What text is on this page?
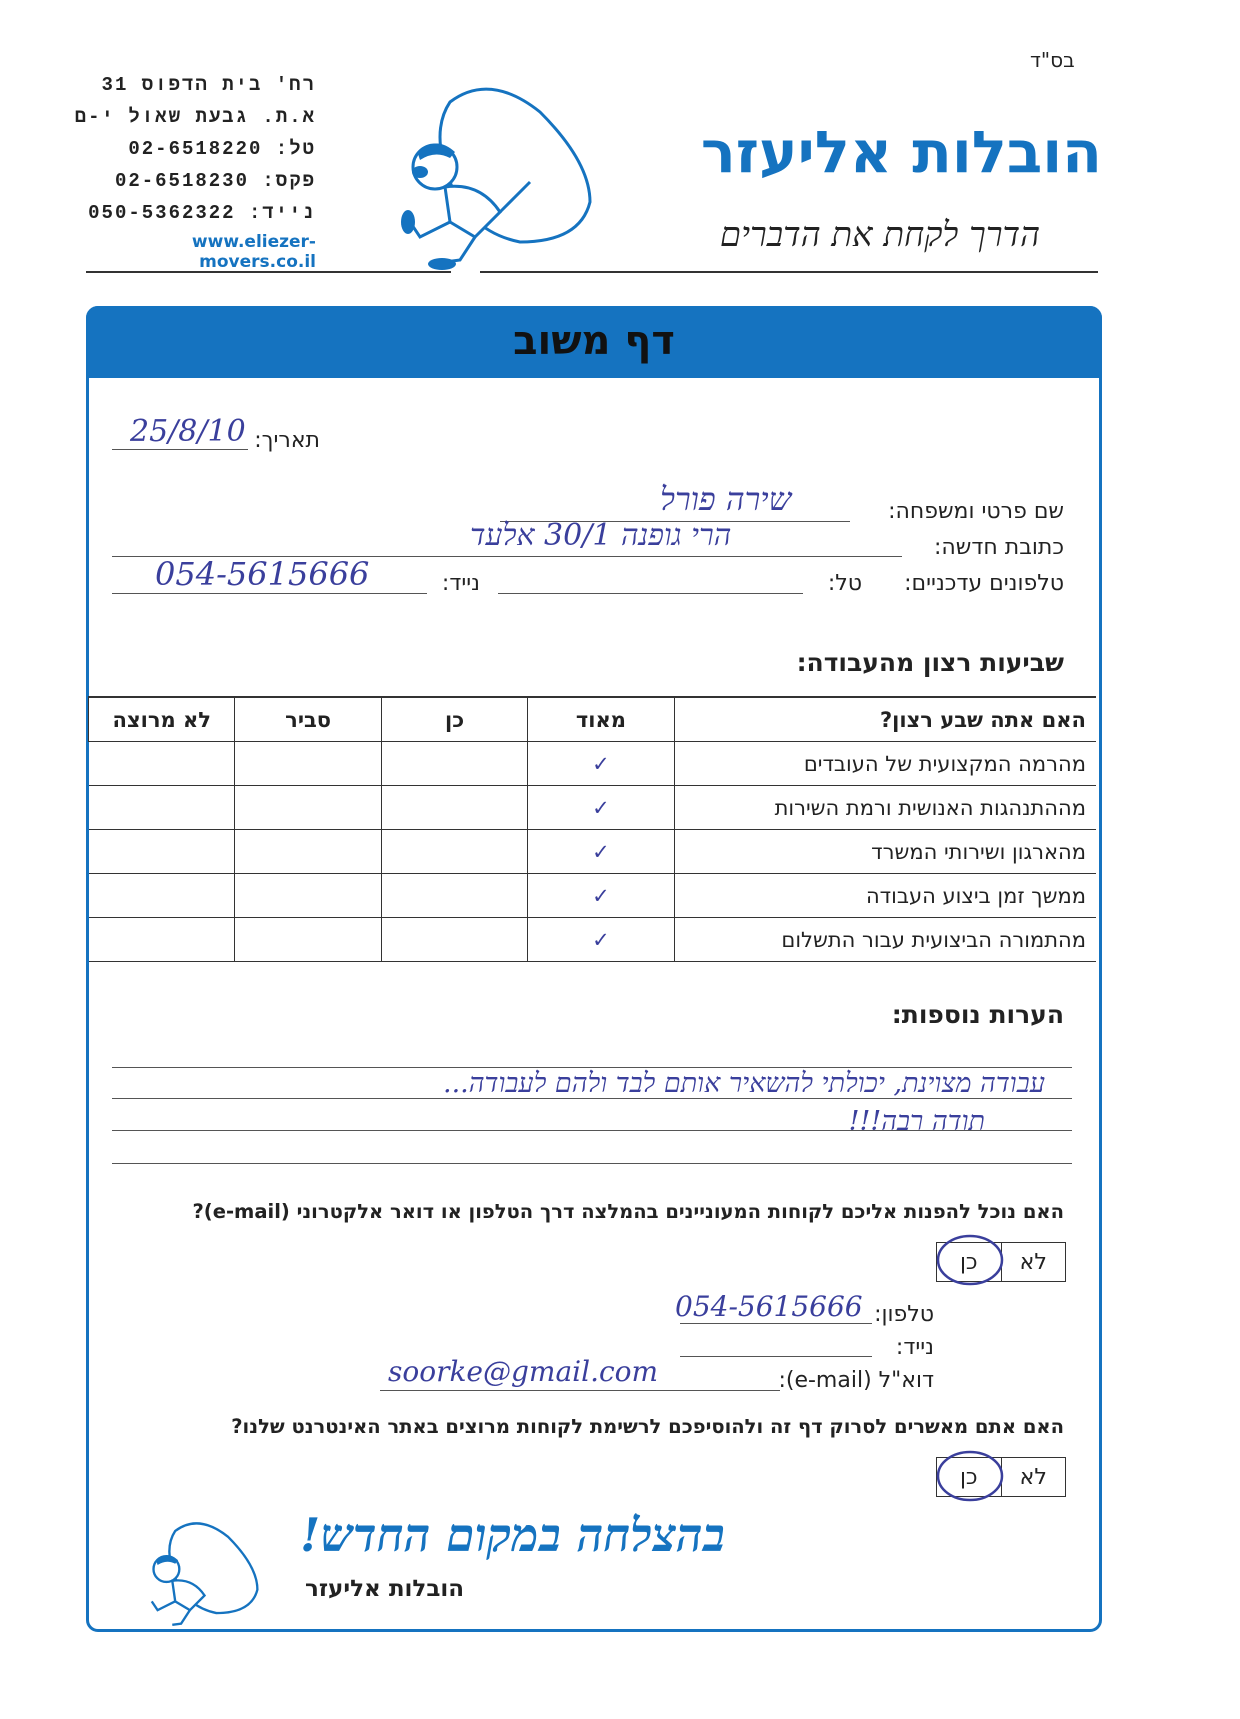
בס"ד
רח' בית הדפוס 31
א.ת. גבעת שאול י-ם
טל: 02-6518220
פקס: 02-6518230
נייד: 050-5362322
www.eliezer-movers.co.il
הובלות אליעזר
הדרך לקחת את הדברים
דף משוב
תאריך:
25/8/10
שם פרטי ומשפחה:
שירה פורל
כתובת חדשה:
הרי גופנה 30/1 אלעד
טלפונים עדכניים:
טל:
נייד:
054-5615666
שביעות רצון מהעבודה:
האם אתה שבע רצון?	מאוד	כן	סביר	לא מרוצה
מהרמה המקצועית של העובדים	✓			
מההתנהגות האנושית ורמת השירות	✓			
מהארגון ושירותי המשרד	✓			
ממשך זמן ביצוע העבודה	✓			
מהתמורה הביצועית עבור התשלום	✓			
הערות נוספות:
עבודה מצוינת, יכולתי להשאיר אותם לבד ולהם לעבודה...
תודה רבה!!!
האם נוכל להפנות אליכם לקוחות המעוניינים בהמלצה דרך הטלפון או דואר אלקטרוני (e-mail)?
לא
כן
טלפון:
054-5615666
נייד:
דוא"ל (e-mail):
soorke@gmail.com
האם אתם מאשרים לסרוק דף זה ולהוסיפכם לרשימת לקוחות מרוצים באתר האינטרנט שלנו?
לא
כן
בהצלחה במקום החדש!
הובלות אליעזר
